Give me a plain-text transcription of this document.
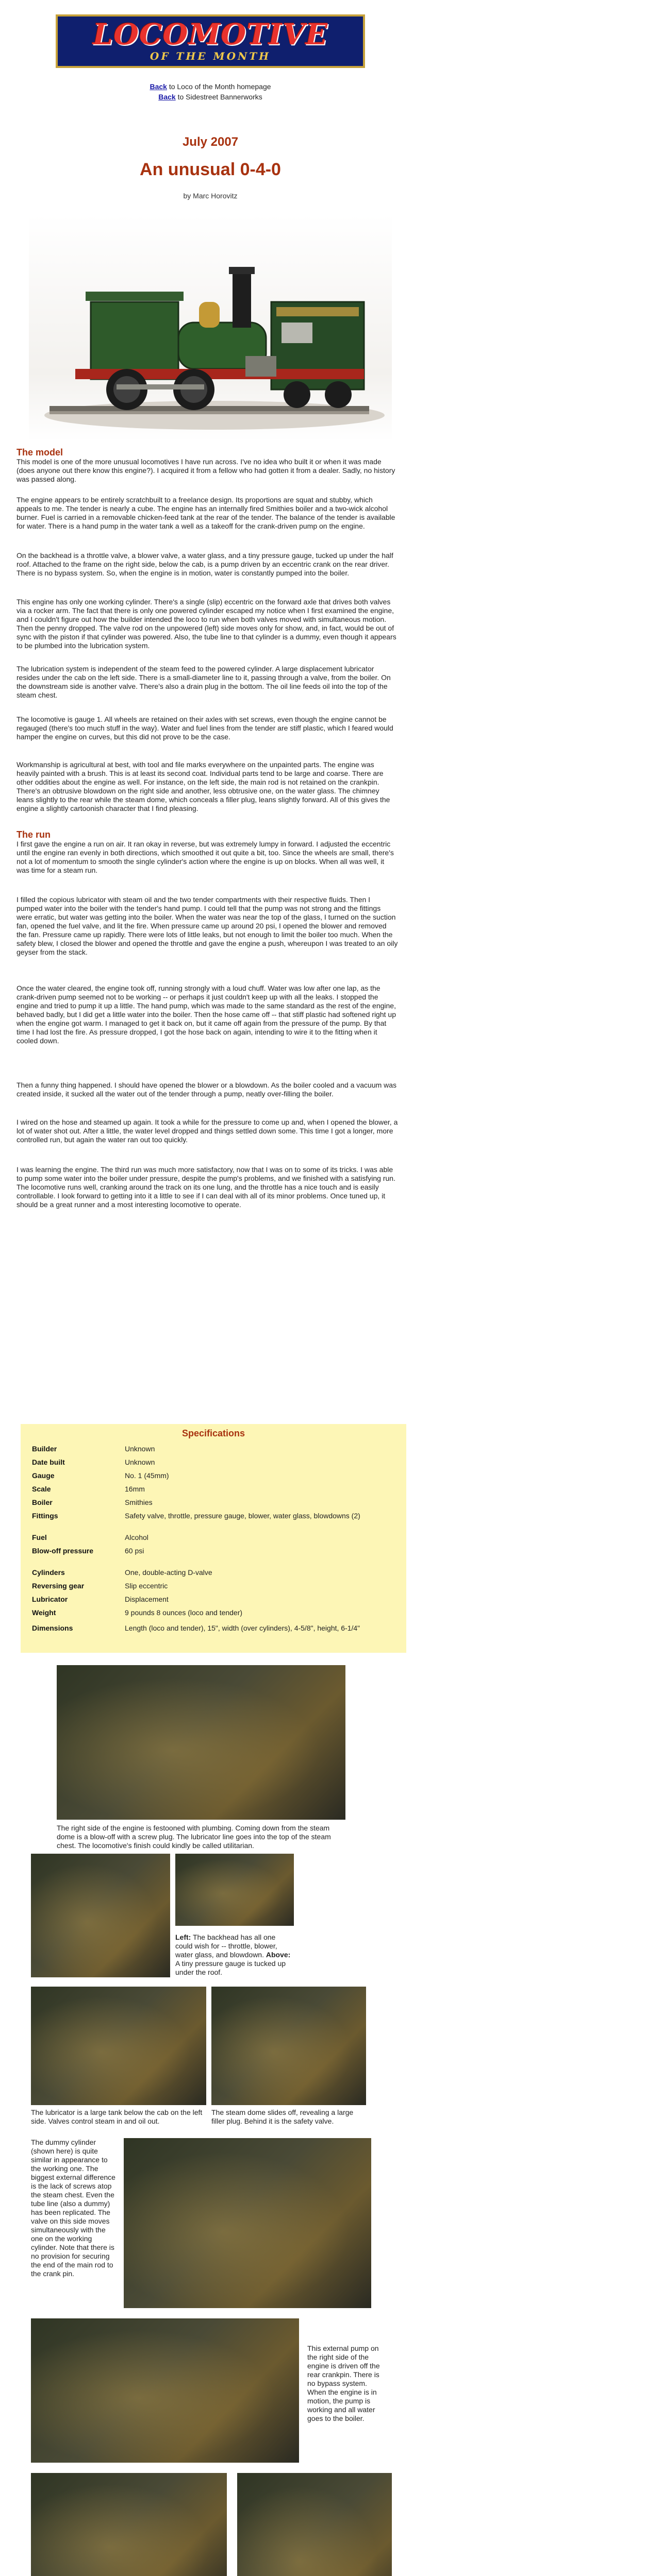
LOCOMOTIVE
OF THE MONTH
Back to Loco of the Month homepage
Back to Sidestreet Bannerworks
July 2007
An unusual 0-4-0
by Marc Horovitz
The model

This model is one of the more unusual locomotives I have run across. I've no idea who built it or when it was made (does anyone out there know this engine?). I acquired it from a fellow who had gotten it from a dealer. Sadly, no history was passed along.

The engine appears to be entirely scratchbuilt to a freelance design. Its proportions are squat and stubby, which appeals to me. The tender is nearly a cube. The engine has an internally fired Smithies boiler and a two-wick alcohol burner. Fuel is carried in a removable chicken-feed tank at the rear of the tender. The balance of the tender is available for water. There is a hand pump in the water tank a well as a takeoff for the crank-driven pump on the engine.

On the backhead is a throttle valve, a blower valve, a water glass, and a tiny pressure gauge, tucked up under the half roof. Attached to the frame on the right side, below the cab, is a pump driven by an eccentric crank on the rear driver. There is no bypass system. So, when the engine is in motion, water is constantly pumped into the boiler.

This engine has only one working cylinder. There's a single (slip) eccentric on the forward axle that drives both valves via a rocker arm. The fact that there is only one powered cylinder escaped my notice when I first examined the engine, and I couldn't figure out how the builder intended the loco to run when both valves moved with simultaneous motion. Then the penny dropped. The valve rod on the unpowered (left) side moves only for show, and, in fact, would be out of sync with the piston if that cylinder was powered. Also, the tube line to that cylinder is a dummy, even though it appears to be plumbed into the lubrication system.

The lubrication system is independent of the steam feed to the powered cylinder. A large displacement lubricator resides under the cab on the left side. There is a small-diameter line to it, passing through a valve, from the boiler. On the downstream side is another valve. There's also a drain plug in the bottom. The oil line feeds oil into the top of the steam chest.

The locomotive is gauge 1. All wheels are retained on their axles with set screws, even though the engine cannot be regauged (there's too much stuff in the way). Water and fuel lines from the tender are stiff plastic, which I feared would hamper the engine on curves, but this did not prove to be the case.

Workmanship is agricultural at best, with tool and file marks everywhere on the unpainted parts. The engine was heavily painted with a brush. This is at least its second coat. Individual parts tend to be large and coarse. There are other oddities about the engine as well. For instance, on the left side, the main rod is not retained on the crankpin. There's an obtrusive blowdown on the right side and another, less obtrusive one, on the water glass. The chimney leans slightly to the rear while the steam dome, which conceals a filler plug, leans slightly forward. All of this gives the engine a slightly cartoonish character that I find pleasing.

The run

I first gave the engine a run on air. It ran okay in reverse, but was extremely lumpy in forward. I adjusted the eccentric until the engine ran evenly in both directions, which smoothed it out quite a bit, too. Since the wheels are small, there's not a lot of momentum to smooth the single cylinder's action where the engine is up on blocks. When all was well, it was time for a steam run.

I filled the copious lubricator with steam oil and the two tender compartments with their respective fluids. Then I pumped water into the boiler with the tender's hand pump. I could tell that the pump was not strong and the fittings were erratic, but water was getting into the boiler. When the water was near the top of the glass, I turned on the suction fan, opened the fuel valve, and lit the fire. When pressure came up around 20 psi, I opened the blower and removed the fan. Pressure came up rapidly. There were lots of little leaks, but not enough to limit the boiler too much. When the safety blew, I closed the blower and opened the throttle and gave the engine a push, whereupon I was treated to an oily geyser from the stack.

Once the water cleared, the engine took off, running strongly with a loud chuff. Water was low after one lap, as the crank-driven pump seemed not to be working -- or perhaps it just couldn't keep up with all the leaks. I stopped the engine and tried to pump it up a little. The hand pump, which was made to the same standard as the rest of the engine, behaved badly, but I did get a little water into the boiler. Then the hose came off -- that stiff plastic had softened right up when the engine got warm. I managed to get it back on, but it came off again from the pressure of the pump. By that time I had lost the fire. As pressure dropped, I got the hose back on again, intending to wire it to the fitting when it cooled down.

Then a funny thing happened. I should have opened the blower or a blowdown. As the boiler cooled and a vacuum was created inside, it sucked all the water out of the tender through a pump, neatly over-filling the boiler.

I wired on the hose and steamed up again. It took a while for the pressure to come up and, when I opened the blower, a lot of water shot out. After a little, the water level dropped and things settled down some. This time I got a longer, more controlled run, but again the water ran out too quickly.

I was learning the engine. The third run was much more satisfactory, now that I was on to some of its tricks. I was able to pump some water into the boiler under pressure, despite the pump's problems, and we finished with a satisfying run. The locomotive runs well, cranking around the track on its one lung, and the throttle has a nice touch and is easily controllable. I look forward to getting into it a little to see if I can deal with all of its minor problems. Once tuned up, it should be a great runner and a most interesting locomotive to operate.

Specifications
Builder	Unknown
Date built	Unknown
Gauge	No. 1 (45mm)
Scale	16mm
Boiler	Smithies
Fittings	Safety valve, throttle, pressure gauge, blower, water glass, blowdowns (2)
Fuel	Alcohol
Blow-off pressure	60 psi
Cylinders	One, double-acting D-valve
Reversing gear	Slip eccentric
Lubricator	Displacement
Weight	9 pounds 8 ounces (loco and tender)
Dimensions	Length (loco and tender), 15", width (over cylinders), 4-5/8", height, 6-1/4"

The right side of the engine is festooned with plumbing. Coming down from the steam dome is a blow-off with a screw plug. The lubricator line goes into the top of the steam chest. The locomotive's finish could kindly be called utilitarian.

Left: The backhead has all one could wish for -- throttle, blower, water glass, and blowdown. Above: A tiny pressure gauge is tucked up under the roof.

The lubricator is a large tank below the cab on the left side. Valves control steam in and oil out.

The steam dome slides off, revealing a large filler plug. Behind it is the safety valve.

The dummy cylinder (shown here) is quite similar in appearance to the working one. The biggest external difference is the lack of screws atop the steam chest. Even the tube line (also a dummy) has been replicated. The valve on this side moves simultaneously with the one on the working cylinder. Note that there is no provision for securing the end of the main rod to the crank pin.

This external pump on the right side of the engine is driven off the rear crankpin. There is no bypass system. When the engine is in motion, the pump is working and all water goes to the boiler.
